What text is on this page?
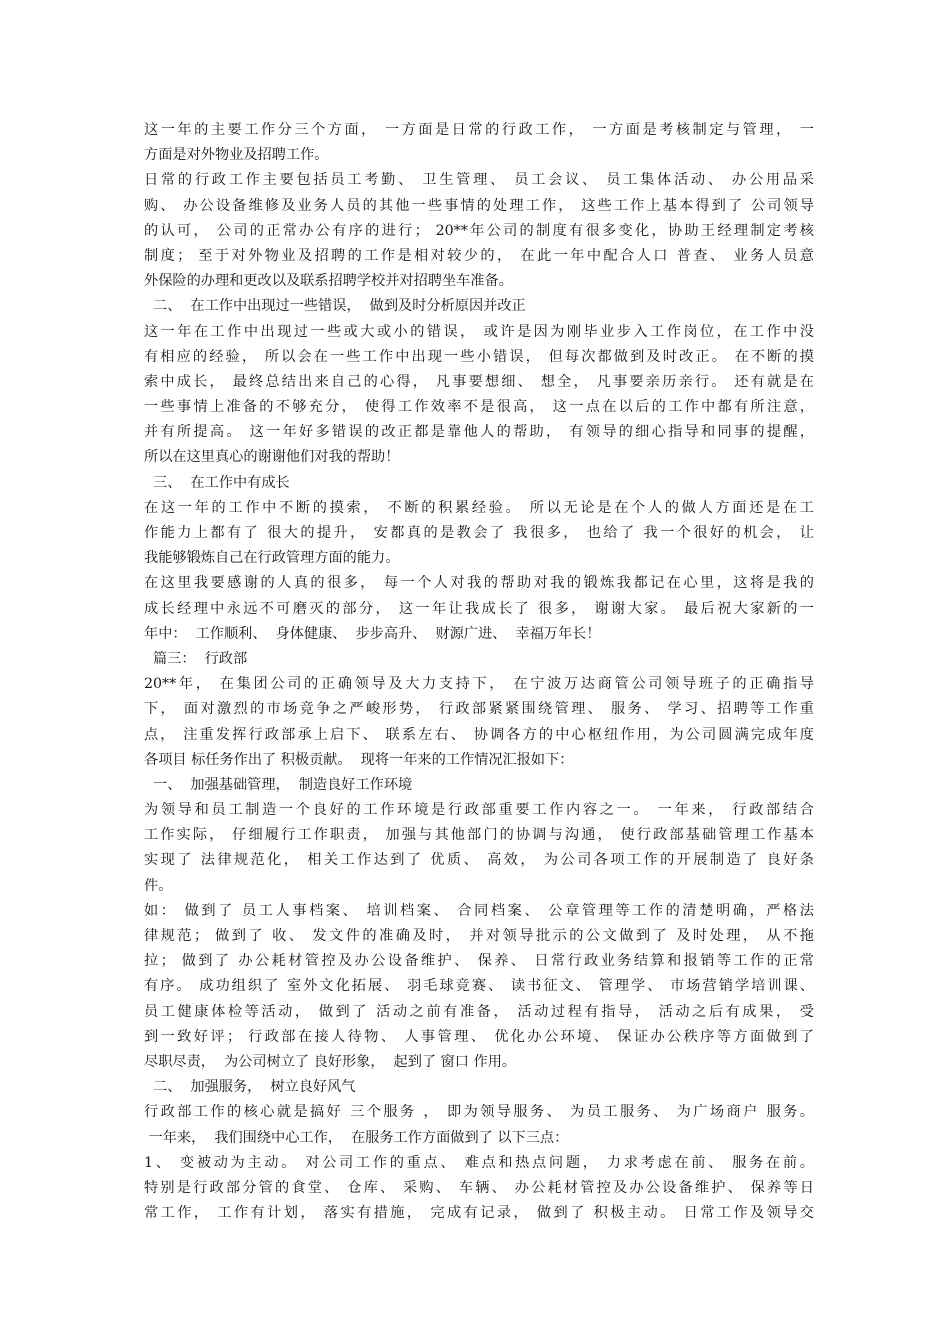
这一年的主要工作分三个方面， 一方面是日常的行政工作， 一方面是考核制定与管理， 一
方面是对外物业及招聘工作。
日常的行政工作主要包括员工考勤、 卫生管理、 员工会议、 员工集体活动、 办公用品采
购、 办公设备维修及业务人员的其他一些事情的处理工作， 这些工作上基本得到了 公司领导
的认可， 公司的正常办公有序的进行； 20**年公司的制度有很多变化，协助王经理制定考核
制度； 至于对外物业及招聘的工作是相对较少的， 在此一年中配合人口 普查、 业务人员意
外保险的办理和更改以及联系招聘学校并对招聘坐车准备。
二、  在工作中出现过一些错误，  做到及时分析原因并改正
这一年在工作中出现过一些或大或小的错误， 或许是因为刚毕业步入工作岗位，在工作中没
有相应的经验， 所以会在一些工作中出现一些小错误， 但每次都做到及时改正。 在不断的摸
索中成长， 最终总结出来自己的心得， 凡事要想细、 想全， 凡事要亲历亲行。 还有就是在
一些事情上准备的不够充分， 使得工作效率不是很高， 这一点在以后的工作中都有所注意，
并有所提高。 这一年好多错误的改正都是靠他人的帮助， 有领导的细心指导和同事的提醒，
所以在这里真心的谢谢他们对我的帮助！
三、  在工作中有成长
在这一年的工作中不断的摸索， 不断的积累经验。 所以无论是在个人的做人方面还是在工
作能力上都有了 很大的提升， 安都真的是教会了 我很多， 也给了 我一个很好的机会， 让
我能够锻炼自己在行政管理方面的能力。
在这里我要感谢的人真的很多， 每一个人对我的帮助对我的锻炼我都记在心里，这将是我的
成长经理中永远不可磨灭的部分， 这一年让我成长了 很多， 谢谢大家。 最后祝大家新的一
年中：  工作顺利、  身体健康、  步步高升、  财源广进、  幸福万年长！
篇三：  行政部
20**年， 在集团公司的正确领导及大力支持下， 在宁波万达商管公司领导班子的正确指导
下， 面对激烈的市场竞争之严峻形势， 行政部紧紧围绕管理、 服务、 学习、招聘等工作重
点， 注重发挥行政部承上启下、 联系左右、 协调各方的中心枢纽作用，为公司圆满完成年度
各项目 标任务作出了 积极贡献。  现将一年来的工作情况汇报如下：
一、  加强基础管理，  制造良好工作环境
为领导和员工制造一个良好的工作环境是行政部重要工作内容之一。 一年来， 行政部结合
工作实际， 仔细履行工作职责， 加强与其他部门的协调与沟通， 使行政部基础管理工作基本
实现了 法律规范化， 相关工作达到了 优质、 高效， 为公司各项工作的开展制造了 良好条
件。
如： 做到了 员工人事档案、 培训档案、 合同档案、 公章管理等工作的清楚明确，严格法
律规范； 做到了 收、 发文件的准确及时， 并对领导批示的公文做到了 及时处理， 从不拖
拉； 做到了 办公耗材管控及办公设备维护、 保养、 日常行政业务结算和报销等工作的正常
有序。 成功组织了 室外文化拓展、 羽毛球竞赛、 读书征文、 管理学、 市场营销学培训课、
员工健康体检等活动， 做到了 活动之前有准备， 活动过程有指导， 活动之后有成果， 受
到一致好评； 行政部在接人待物、 人事管理、 优化办公环境、 保证办公秩序等方面做到了
尽职尽责，  为公司树立了 良好形象，  起到了 窗口 作用。
二、  加强服务，  树立良好风气
行政部工作的核心就是搞好 三个服务 ， 即为领导服务、 为员工服务、 为广场商户 服务。
一年来，  我们围绕中心工作，  在服务工作方面做到了 以下三点：
1、 变被动为主动。 对公司工作的重点、 难点和热点问题， 力求考虑在前、 服务在前。
特别是行政部分管的食堂、 仓库、 采购、 车辆、 办公耗材管控及办公设备维护、 保养等日
常工作， 工作有计划， 落实有措施， 完成有记录， 做到了 积极主动。 日常工作及领导交
